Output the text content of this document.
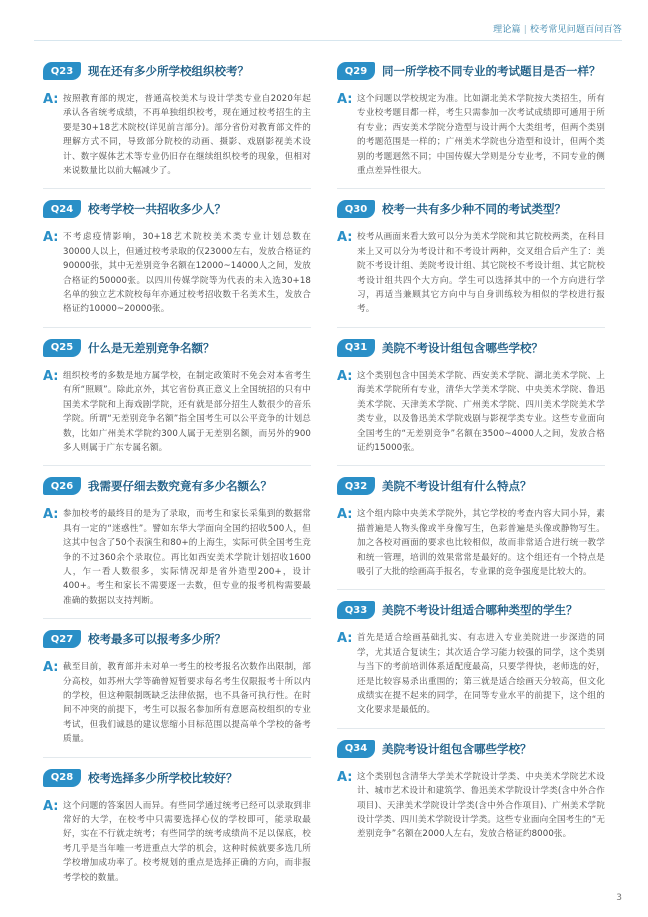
理论篇 | 校考常见问题百问百答
Q23	现在还有多少所学校组织校考？
A: 按照教育部的规定，普通高校美术与设计学类专业自2020年起承认各省统考成绩，不再单独组织校考，现在通过校考招生的主要是30+18艺术院校(详见前言部分)。部分省份对教育部文件的理解方式不同，导致部分院校的动画、摄影、戏剧影视美术设计、数字媒体艺术等专业仍旧存在继续组织校考的现象，但相对来说数量比以前大幅减少了。
Q24	校考学校一共招收多少人？
A: 不考虑疫情影响，30+18艺术院校美术类专业计划总数在30000人以上，但通过校考录取的仅23000左右，发放合格证约90000张，其中无差别竞争名额在12000~14000人之间，发放合格证约50000张。以四川传媒学院等为代表的未入选30+18名单的独立艺术院校每年亦通过校考招收数千名美术生，发放合格证约10000~20000张。
Q25	什么是无差别竞争名额？
A: 组织校考的多数是地方属学校，在制定政策时不免会对本省考生有所“照顾”。除此京外，其它省份真正意义上全国统招的只有中国美术学院和上海戏剧学院，还有就是部分招生人数很少的音乐学院。所谓“无差别竞争名额”指全国考生可以公平竞争的计划总数，比如广州美术学院约300人属于无差别名额，而另外的900多人则属于广东专属名额。
Q26	我需要仔细去数究竟有多少名额么？
A: 参加校考的最终目的是为了录取，而考生和家长采集到的数据常具有一定的“迷惑性”。譬如东华大学面向全国约招收500人，但这其中包含了50个表演生和80+的上海生，实际可供全国考生竞争的不过360余个录取位。再比如西安美术学院计划招收1600人，乍一看人数很多，实际情况却是省外造型200+，设计400+。考生和家长不需要逐一去数，但专业的报考机构需要最准确的数据以支持判断。
Q27	校考最多可以报考多少所？
A: 截至目前，教育部并未对单一考生的校考报名次数作出限制，部分高校，如苏州大学等确曾短暂要求每名考生仅限报考十所以内的学校，但这种限制既缺乏法律依据，也不具备可执行性。在时间不冲突的前提下，考生可以报名参加所有意愿高校组织的专业考试，但我们诚恳的建议您缩小目标范围以提高单个学校的备考质量。
Q28	校考选择多少所学校比较好？
A: 这个问题的答案因人而异。有些同学通过统考已经可以录取到非常好的大学，在校考中只需要选择心仪的学校即可，能录取最好，实在不行就走统考；有些同学的统考成绩尚不足以保底，校考几乎是当年唯一考进重点大学的机会，这种时候就要多选几所学校增加成功率了。校考规划的重点是选择正确的方向，而非报考学校的数量。
Q29	同一所学校不同专业的考试题目是否一样？
A: 这个问题以学校规定为准。比如湖北美术学院按大类招生，所有专业校考题目都一样，考生只需参加一次考试成绩即可通用于所有专业；西安美术学院分造型与设计两个大类组考，但两个类别的考题范围是一样的；广州美术学院也分造型和设计，但两个类别的考题迥然不同；中国传媒大学则是分专业考，不同专业的侧重点差异性很大。
Q30	校考一共有多少种不同的考试类型？
A: 校考从画面来看大致可以分为美术学院和其它院校两类，在科目来上又可以分为考设计和不考设计两种，交叉组合后产生了：美院不考设计组、美院考设计组、其它院校不考设计组、其它院校考设计组共四个大方向。学生可以选择其中的一个方向进行学习，再适当兼顾其它方向中与自身训练较为相似的学校进行报考。
Q31	美院不考设计组包含哪些学校？
A: 这个类别包含中国美术学院、西安美术学院、湖北美术学院、上海美术学院所有专业，清华大学美术学院、中央美术学院、鲁迅美术学院、天津美术学院、广州美术学院、四川美术学院美术学类专业，以及鲁迅美术学院戏剧与影视学类专业。这些专业面向全国考生的“无差别竞争”名额在3500~4000人之间，发放合格证约15000张。
Q32	美院不考设计组有什么特点？
A: 这个组内除中央美术学院外，其它学校的考查内容大同小异，素描普遍是人物头像或半身像写生，色彩普遍是头像或静物写生。加之各校对画面的要求也比较相似，故而非常适合进行统一教学和统一管理，培训的效果常常是最好的。这个组还有一个特点是吸引了大批的绘画高手报名，专业课的竞争强度是比较大的。
Q33	美院不考设计组适合哪种类型的学生？
A: 首先是适合绘画基础扎实、有志进入专业美院进一步深造的同学，尤其适合复读生；其次适合学习能力较强的同学，这个类别与当下的考前培训体系适配度最高，只要学得快，老师选的好，还是比较容易杀出重围的；第三就是适合绘画天分较高，但文化成绩实在提不起来的同学，在同等专业水平的前提下，这个组的文化要求是最低的。
Q34	美院考设计组包含哪些学校？
A: 这个类别包含清华大学美术学院设计学类、中央美术学院艺术设计、城市艺术设计和建筑学、鲁迅美术学院设计学类(含中外合作项目)、天津美术学院设计学类(含中外合作项目)、广州美术学院设计学类、四川美术学院设计学类。这些专业面向全国考生的“无差别竞争”名额在2000人左右，发放合格证约8000张。
3
